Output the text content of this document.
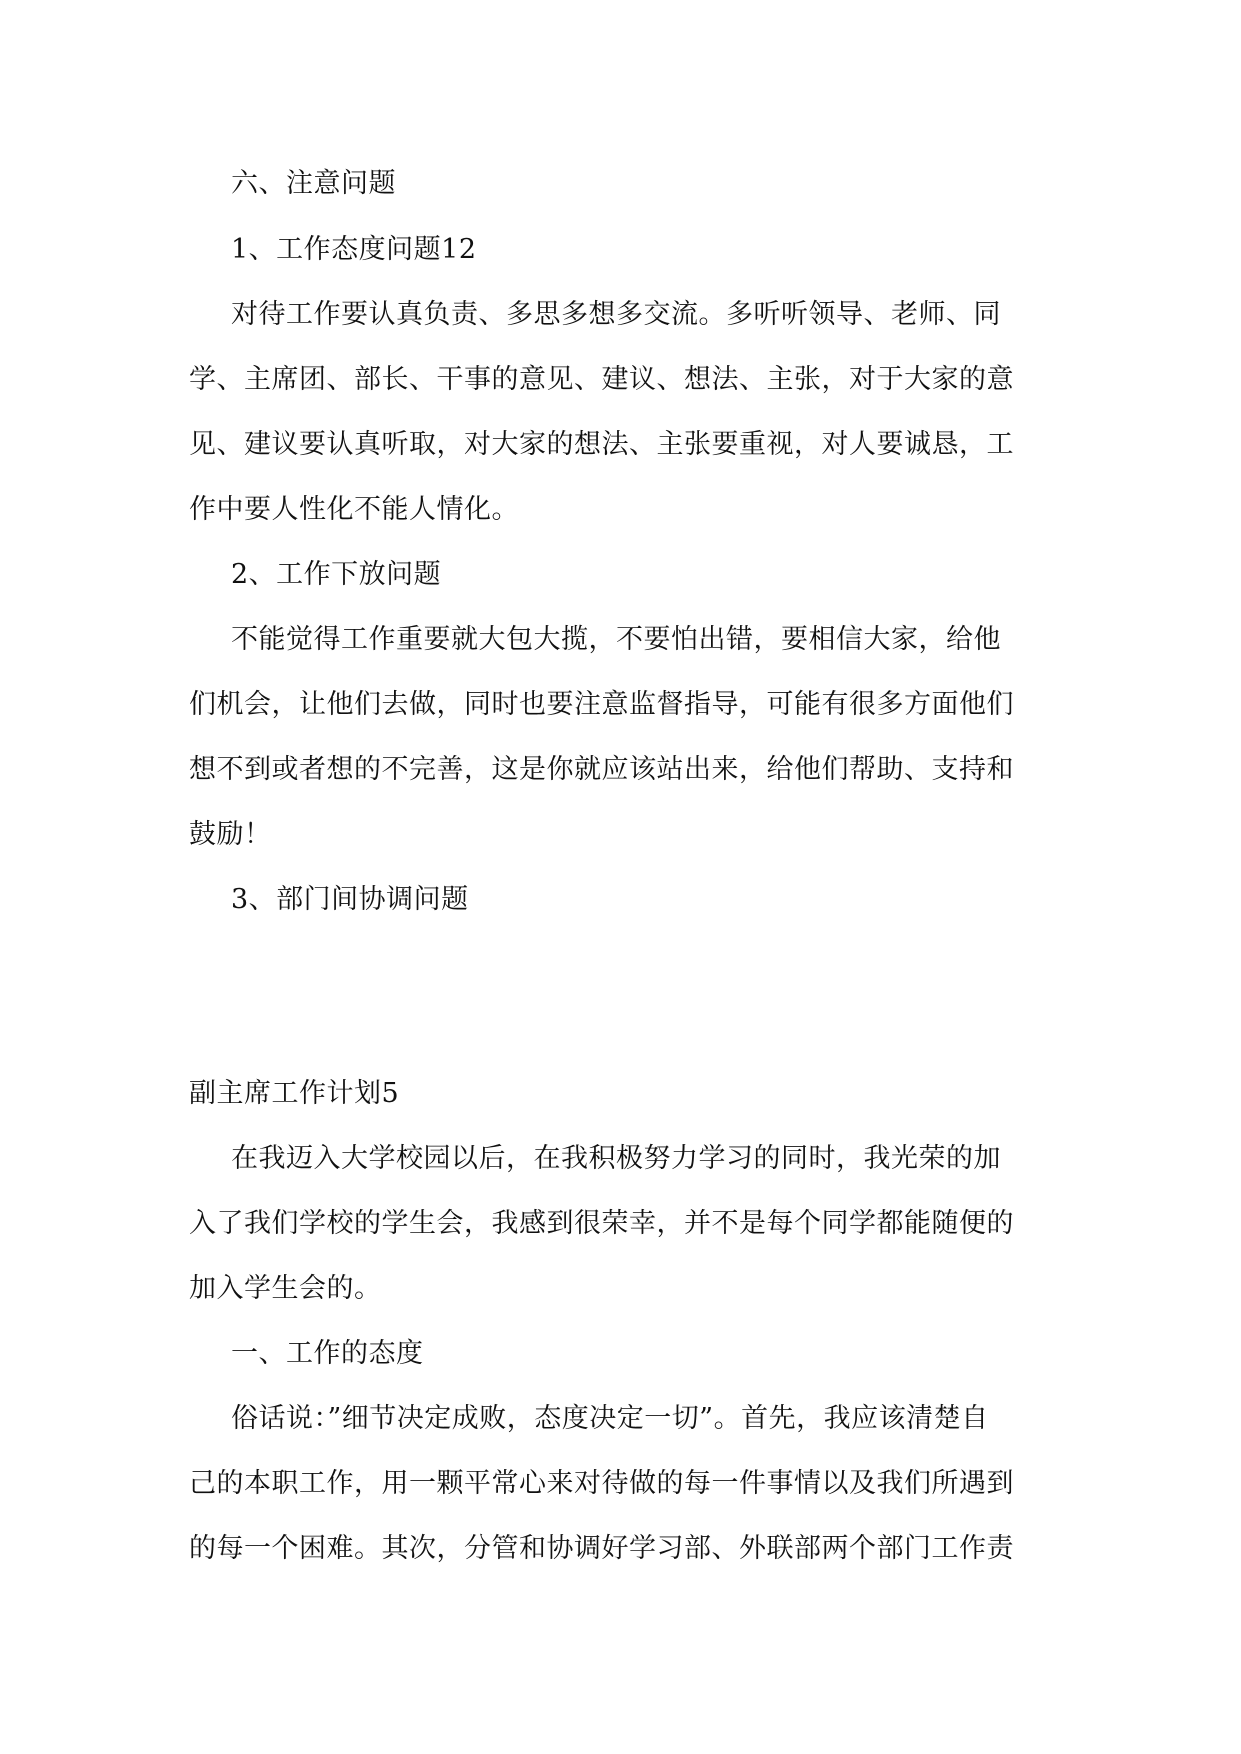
六、注意问题
1、工作态度问题12
对待工作要认真负责、多思多想多交流。多听听领导、老师、同
学、主席团、部长、干事的意见、建议、想法、主张，对于大家的意
见、建议要认真听取，对大家的想法、主张要重视，对人要诚恳，工
作中要人性化不能人情化。
2、工作下放问题
不能觉得工作重要就大包大揽，不要怕出错，要相信大家，给他
们机会，让他们去做，同时也要注意监督指导，可能有很多方面他们
想不到或者想的不完善，这是你就应该站出来，给他们帮助、支持和
鼓励！
3、部门间协调问题
副主席工作计划5
在我迈入大学校园以后，在我积极努力学习的同时，我光荣的加
入了我们学校的学生会，我感到很荣幸，并不是每个同学都能随便的
加入学生会的。
一、工作的态度
俗话说：”细节决定成败，态度决定一切”。首先，我应该清楚自
己的本职工作，用一颗平常心来对待做的每一件事情以及我们所遇到
的每一个困难。其次，分管和协调好学习部、外联部两个部门工作责
